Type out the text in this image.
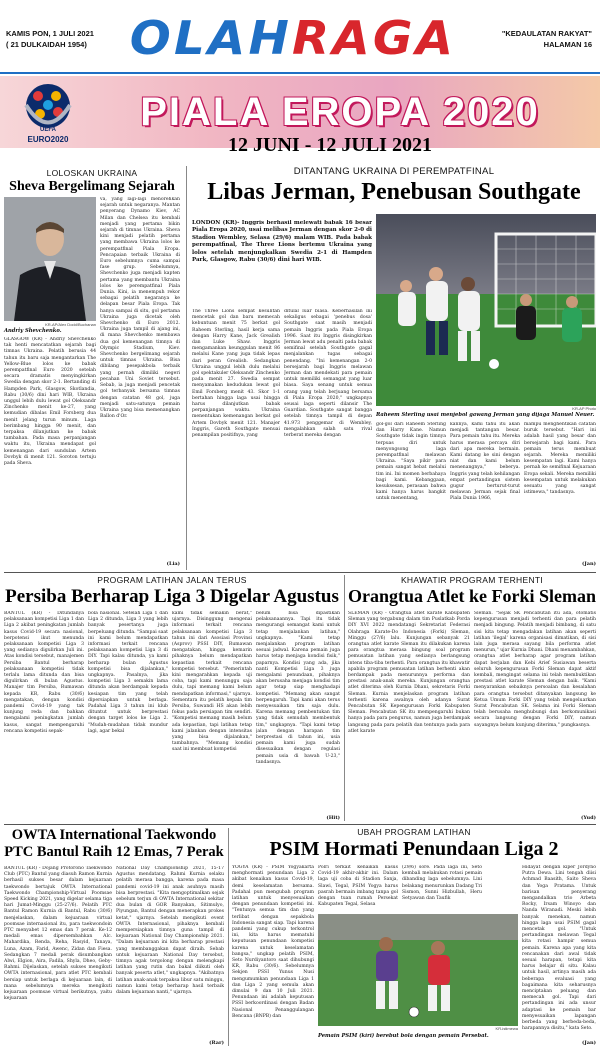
KAMIS PON, 1 JULI 2021
( 21 DULKAIDAH 1954) OLAHRAGA	"KEDAULATAN RAKYAT"
HALAMAN 16
UEFA
EURO2020
PIALA EROPA 2020
12 JUNI - 12 JULI 2021
LOLOSKAN UKRAINA
Sheva Bergelimang Sejarah
KR-AP/Alex Dodd/Buchanan
Andriy Shevchenko.
GLASGOW (KR) - Andriy Shevchenko tak henti mencatatkan sejarah bagi timnas Ukraina. Pelatih berusia 44 tahun itu baru saja mengantarkan The Yellow-Blue lolos ke babak perempatfinal Euro 2020 setelah secara dramatis menyingkirkan Swedia dengan skor 2-1. Bertanding di Hampden Park, Glasgow, Skotlandia, Rabu (30/6) dini hari WIB, Ukraina unggul lebih dulu lewat gol Oleksandr Zinchenko menit ke-27, yang kemudian dibalas Emil Forsberg dua menit jelang turun minum. Laga berimbang hingga 90 menit, dan terpaksa dilanjutkan ke babak tambahan. Pada masa perpanjangan waktu itu, Ukraina mendapat gol kemenangan dari sundulan Artem Dovbyk di menit 121. Soroton tertuju pada Sheva.
va, yang lagi-lagi menorehkan sejarah untuk negaranya. Mantan penyerang Dynamo Kiev, AC Milan dan Chelsea itu kembali menjadi yang pertama bikin sejarah di timnas Ukraina. Sheva kini menjadi pelatih pertama yang membawa Ukraina lolos ke perempatfinal Piala Eropa. Pencapaian terbaik Ukraina di Euro sebelumnya cuma sampai fase grup. Sebelumnya, Shevchenko juga menjadi kapten pertama yang membantu Ukraina lolos ke perempatfinal Piala Dunia. Kini, ia menempuh rekor sebagai pelatih negaranya ke delapan besar Piala Eropa. Tak hanya sampai di situ, gol pertama Ukraina juga dicetak oleh Shevchenko di Euro 2012. Ukraina juga tampil di ajang ini, di mana Shevchenko membawa dua gol kemenangan timnya di Olympic Stadium, Kiev. Shevchenko bergelimang sejarah untuk timnas Ukraina. Bisa dibilang pesepakbola terbaik yang pernah dimiliki negeri pecahan Uni Soviet tersebut. Sebab, ia juga menjadi pencetak gol terbanyak bersama timnas dengan catatan 48 gol, juga menjadi satu-satunya pemain Ukraina yang bisa memenangkan Ballon d'Or.
(Lia)
DITANTANG UKRAINA DI PEREMPATFINAL
Libas Jerman, Penebusan Southgate
LONDON (KR)- Inggris berhasil melewati babak 16 besar Piala Eropa 2020, usai melibas Jerman dengan skor 2-0 di Stadion Wembley, Selasa (29/6) malam WIB. Pada babak perempatfinal, The Three Lions bertemu Ukraina yang lolos setelah menjungkalkan Swedia 2-1 di Hampden Park, Glasgow, Rabu (30/6) dini hari WIB.
KR-AP Photo
Raheem Sterling usai menjebol gawang Jerman yang dijaga Manuel Neuer.
The Three Lions sempat kesulitan mencetak gol dan baru memecah kebuntuan menit 75 berkat gol Raheem Sterling, hasil kerja sama dengan Harry Kane, Jack Grealish dan Luke Shaw. Inggris mengamankan keunggulan menit 86 melalui Kane yang juga tidak lepas dari peran Grealish. Sedangkan Ukraina unggul lebih dulu melalui gol spektakuler Oleksandr Zinchenko pada menit 27. Swedia sempat menyamakan kedudukan lewat gol Emil Forsberg menit 43. Skor 1-1 bertahan hingga laga usai hingga harus dilanjutkan babak perpanjangan waktu. Ukraina menentukan kemenangan berkat gol Artem Dovbyk menit 121. Manajer Inggris, Gareth Southgate menuai penampilan positifnya, yang
ditulal luar biasa. Keberhasilan ini sekaligus sebagai 'penebus dosa' Southgate saat masih menjadi pemain Inggris pada Piala Eropa 1996. Saat itu Inggris disingkirkan Jerman lewat adu penalti pada babak semifinal setelah Southgate gagal menjalankan tugas sebagai penendang. "Ini kemenangan 2-0 bersejarah bagi Inggris melawan Jerman dan mendekati para pemain untuk memiliki semangat yang luar biasa. Saya senang untuk semua orang yang telah berjuang bersama di Piala Eropa 2020," ungkapnya seusai laga seperti dilansir The Guardian. Southgate sangat bangga setelah timnya tampil di depan 41.973 penggemar di Wembley, mengalahkan salah satu rival terberat mereka dengan
gol-gol dari Raheem Sterling dan Harry Kane. Namun Southgate tidak ingin timnya terpuas diri untuk menyongsong laga perempatfinal melawan Ukraina. "Saya pikir para pemain sangat hebat melalui tim ini. Ini momen berbahaya bagi kami. Kebanggaan, kesuksesan, perasaan bahwa kami hanya harus bangkit untuk menentang,
kannya, kami tahu itu akan menjadi tantangan besar. Para pemain tahu itu. Mereka harus merasa percaya diri dari apa mereka bermain. Kami datang ke sini dengan niat dan kami belum menenangnya," beberya. Inggris yang telah kehilangan empat pertandingan sistem gugur berturut-turut melawan Jerman sejak final Piala Dunia 1966,
mampu menghentikan catatan buruk tersebut. "Hari ini adalah hasil yang besar dan bersejarah bagi kami. Para pemain terus membuat sejarah. Mereka memiliki kesempatan lagi. Kami hanya pernah ke semifinal Kejuaraan Eropa sekali. Mereka memiliki kesempatan untuk melakukan sesuatu yang sangat istimewa," tandasnya.
(Jan)
PROGRAM LATIHAN JALAN TERUS
Persiba Berharap Liga 3 Digelar Agustus
BANTUL (KR) - Ditundanya pelaksanaan kompetisi Liga 1 dan Liga 2 akibat peningkatan jumlah kasus Covid-19 secara nasional, berpotensi ikut menunda pelaksanaan kompetisi Liga 3 yang sedianya digulirkan Juli ini. Atas kondisi tersebut, manajemen Persiba Bantul berharap pelaksanaan kompetisi tidak terlalu lama ditunda dan bisa digulirkan di bulan Agustus. Manajer tim Persiba, Rumawan kepada KR, Rabu (30/6) mengatakan, dengan kondisi pandemi Covid-19 yang tak kunjung reda dan bahkan mengalami peningkatan jumlah kasus, sangat mempengaruhi rencana kompetisi sepak-
bola nasional. Setelah Liga 1 dan Liga 2 ditunda, Liga 3 yang lebih banyak pesertanya juga berpeluang ditunda. "Sampai saat ini kami belum mendapatkan informasi terkait rencana pelaksanaan kompetisi Liga 3 di DIY. Tapi kalau ditunda, ya kami berharap bulan Agustus kompetisi bisa dijalankan," ungkapnya. Pasalnya, jika kompetisi Liga 3 semakin lama ditunda akan berdampak kepada kesiapan tim yang telah dipersiapkan untuk berlaga. Padahal Liga 3 tahun ini klub dituntut untuk berprestasi dengan target lolos ke Liga 2. "Mudah-mudahan tidak mundur lagi, agar bekal
kami tidak semakin berat," ujarnya. Disinggung mengenai informasi terkait rencana pelaksanaan kompetisi Liga 3 tahun ini dari Asosiasi Provinsi (Asprov) PSSI DIY, Rumawan mengatakan, hingga kemarin pihaknya belum mendapatkan kepastian terkait rencana kompetisi tersebut. "Pemerintah kini mengarahkan kepada uji coba, tapi kami menunggu saja dulu, tapi memang kami belum mendapatkan informasi," ujarnya. Sementara itu pelatih kepala tim Persiba, Suwandi HS akan lebih fokus pada persiapan tim sendiri. "Kompetisi memang masih belum ada kepastian, tapi latihan tetap kami jalankan dengan intensitas yang bisa dijalankan," tambahnya. "Memang kondisi saat ini membuat kompetisi
belum bisa dipastikan pelaksanaannya. Tapi itu tidak mengurangi semangat kami untuk tetap menjalankan latihan," ungkapnya. "Kami tetap menjalankan program latihan sesuai jadwal. Karena pemain juga harus tetap menjaga kondisi fisik," paparnya. Kondisi yang ada, jika nanti Kompetisi Liga 3 juga mengalami penundaan, pihaknya akan berusaha menjaga kondisi tim agar tetap siap menghadapi kompetisi. "Memang akan sangat berpengaruh. Tapi kami akan terus menyesuaikan tim saja dulu. Karena memang pembentukan tim yang tidak semudah membentuk tim," ungkapnya. "Tapi kami tetap jalan dengan harapan tim berprestasi di tahun ini, usia pemain kami juga sudah disesuaikan dengan regulasi pemain usia di bawah U-23," tandasnya.
(Hit)
KHAWATIR PROGRAM TERHENTI
Orangtua Atlet ke Forki Sleman
SLEMAN (KR) - Orangtua atlet karate Kabupaten Sleman yang tergabung dalam tim Puslatkab Porda DIY XVI 2022 mendatangi Sekretariat Federasi Olahraga Karate-Do Indonesia (Forki) Sleman, Minggu (27/6) lalu. Kunjungan sebanyak 21 orangtua atlet karate Sleman itu dilakukan karena para orangtua merasa bingung soal program pemusatan latihan yang sedianya berlangsung intens tiba-tiba terhenti. Para orangtua itu khawatir apabila program pemusatan latihan berhenti akan berdampak pada menurunnya performa dan prestasi anak-anak mereka. Kunjungan orangtua atlet diterima oleh Kurnia Dhani, sekretaris Forki Sleman. Kurnia menjelaskan program latihan terhenti karena awalnya oleh adanya Surat Pencabutan SK Kepengurusan Forki Kabupaten Sleman. Pencabutan SK itu mempengaruhi bukan hanya pada para pengurus, namun juga berdampak langsung pada para pelatih dan tentunya pada para atlet karate
Sleman. "Sejak SK Pencabutan itu ada, otomatis kepengurusan menjadi terhenti dan para pelatih menjadi bingung. Pelatih menjadi bimbang, di satu sisi kita tetap mengadakan latihan akan seperti latihan 'ilegal' karena organisasi dimatikan, di sisi lain juga merasa sayang bila performa atlet menurun," ujar Kurnia Dhani. Dhani menambahkan, orangtua atlet berharap agar program latihan dapat berjalan dan Kebi Arief Susiawan beserta seluruh kepengurusan Forki Sleman dapat aktif kembali, mengingat selama ini telah membuktikan prestasi atlet karate Sleman dengan baik. "Kami menyarankan sebaiknya persoalan dan kesalahan para orangtua tersebut ditanyakan langsung ke Ketua Umum Forki DIY yang telah mengeluarkan Surat Pencabutan SK. Selama ini Forki Sleman telah berusaha menghubungi dan berkomunikasi secara langsung dengan Forki DIY, namun sayangnya belum kunjung diterima," pungkasnya.
(Yud)
OWTA International Taekwondo
PTC Bantul Raih 12 Emas, 7 Perak
BANTUL (KR) - Dojang Protorono Taekwondo Club (PTC) Bantul yang diasuh Ramon Kurnia berhasil sukses besar dalam kejuaraan taekwondo bertajuk OWTA International Taekwondo Championship-Virtual Poomsae Speed Kicking 2021, yang digelar selama tiga hari Jumat-Minggu (25-27/6). Pelatih PTC Bantul Ramon Kurnia di Bantul, Rabu (30/6) menjelaskan, dalam kejuaraan virtual poomsae internasional itu, para taekwondoin PTC menyabet 12 emas dan 7 perak. Ke-12 medali emas dipersembahkan Alc. Mahardika, Renda, Reha, Rasyid, Tanaya, Luna, Azam, Farid, Awenc, Zidan dan Fiesa. Sedangkan 7 medali perak disumbangkan Alwi, Elgion, Aira, Fadila, Shyla, Dheo, Geby-Rahmi. Dijelaskan, setelah sukses mengikuti OWTA internasional, para atlet PTC kembali bersiap untuk berlaga di kejuaraan lain, di mana sebelumnya mereka mengikuti kejuaraan poomsae virtual berikutnya, yaitu kejuaraan
National Day Championship 2021, 15-17 Agustus mendatang. Rahmi Kurnia selaku pelatih merasa bangga, karena pada masa pandemi covid-19 ini anak asuhnya masih bisa berprestasi. "Kita mengoptimalkan sejak sebelum terjun di OWTA International sekitar dua bulan di GOR Banyakan, Sitimulyo, Piyungan, Bantul dengan menerapkan prokes ketat," ujarnya. Setelah mengikuti event OWTA Internasional, pihaknya kembali mempersiapkan timnya guna tampil di kejuaraan National Day Championship 2021. "Dalam kejuaraan ini kita berharap prestasi yang membanggakan dapat diraih. Sebab untuk kejuaraan National Day tersebut, timnya agak tergolong dengan melengkapi latihan yang rutin dan bakal diikuti oleh banyak peserta atlet," ungkapnya. "Akibatnya latihan anak-anak terpaksa libur satu minggu, namun kami tetap berharap hasil terbaik dalam kejuaraan nanti," ujarnya.
(Rar)
UBAH PROGRAM LATIHAN
PSIM Hormati Penundaan Liga 2
YOGYA (KR) - PSIM Yogyakarta menghormati penundaan Liga 2 akibat kenaikan kasus Covid-19, demi keselamatan bersama. Padahal pun mengubah program latihan untuk menyesuaikan dengan penundaan kompetisi ini. "Tentunya semua tim dan yang terlibat dengan sepakbola Indonesia sangat siap. Tapi karena pandemi yang cukup terkontrol ini, kita harus mematuhi keputusan penundaan kompetisi karena untuk keselamatan bangsa," ungkap pelatih PSIM, Seto Nurdiyantoro saat dihubungi KR, Rabu (30/6). Sebelumnya Sekjen PSSI Yunus Nusi mengumumkan penundaan Liga 1 dan Liga 2 yang semula akan dimulai 9 dan 10 Juli 2021. Penundaan ini adalah keputusan PSSI berkoordinasi dengan Badan Nasional Penanggulangan Bencana (BNPB) dan
Polri terkait kenaikan kasus Covid-19 akhir-akhir ini. Dalam laga uji coba di Stadion Sanja, Slawi, Tegal, PSIM Yogya harus pasrah bermain imbang tanpa gol dengan tuan rumah Persekat Kabupaten Tegal, Selasa
(29/6) sore. Pada laga ini, Seto kembali melakukan rotasi pemain dibanding laga sebelumnya. Lini belakang menurunkan Dadang Tri Sismon, Sunni Hizbullah, Heru Setyawan dan Taufik
KR-istimewa
Pemain PSIM (kiri) berebut bola dengan pemain Persebat.
Hidayat dengan kiper Jordyno Putra Dewa. Lini tengah diisi Achmad Baasith, Saito Sheva dan Yoga Pratama. Untuk barisan penyerang mengandalkan trio Arbeta Rocky, Irsam Winoyo dan Nanda Wiranadi. Meski lebih banyak menekan, namun hingga laga usai PSIM gagal mencetak gol. "Untuk pertandingan melawan Tegal kita rotasi hampir semua pemain. Karena apa yang kita rencanakan dari awal tidak sesuai harapan, tetapi kita harus belajar di situ. Kalau untuk hasil, artinya masih ada beberapa evaluasi yang bagaimana kita seharusnya menciptakan peluang dan memecah gol. Tapi dari pertandingan ini ada unsur adaptasi ke pemain bar menyesuaikan lapangan berbeda yang berbeda-beda, harapannya disitu," kata Seto.
(Jan)
